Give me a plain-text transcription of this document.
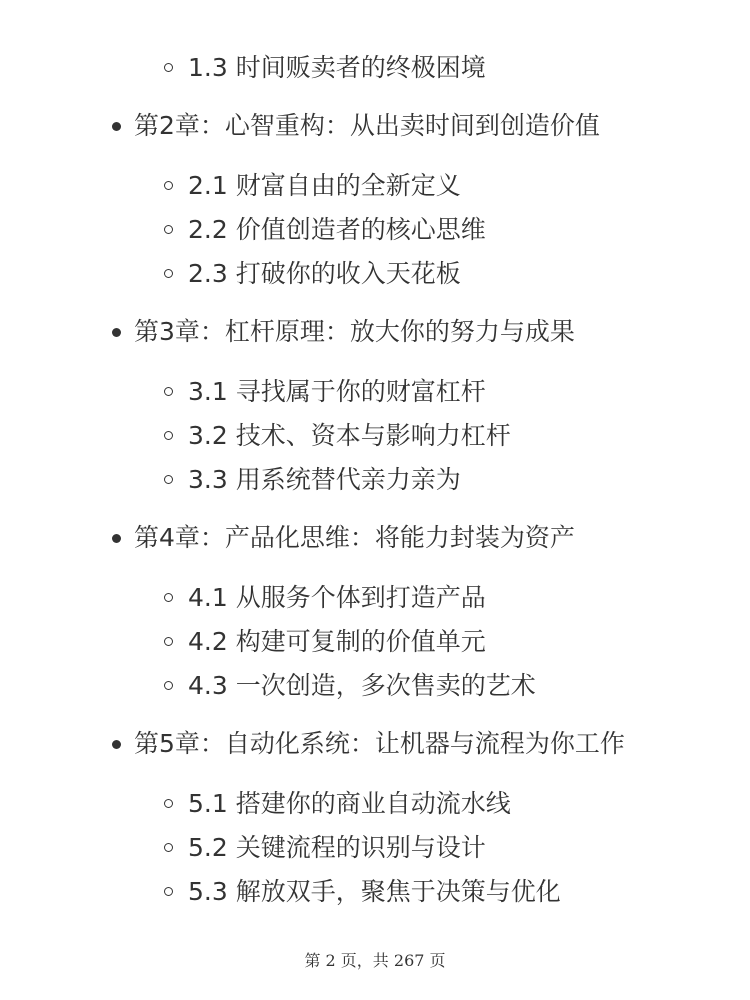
1.3 时间贩卖者的终极困境
第2章：心智重构：从出卖时间到创造价值
2.1 财富自由的全新定义
2.2 价值创造者的核心思维
2.3 打破你的收入天花板
第3章：杠杆原理：放大你的努力与成果
3.1 寻找属于你的财富杠杆
3.2 技术、资本与影响力杠杆
3.3 用系统替代亲力亲为
第4章：产品化思维：将能力封装为资产
4.1 从服务个体到打造产品
4.2 构建可复制的价值单元
4.3 一次创造，多次售卖的艺术
第5章：自动化系统：让机器与流程为你工作
5.1 搭建你的商业自动流水线
5.2 关键流程的识别与设计
5.3 解放双手，聚焦于决策与优化
第 2 页，共 267 页
